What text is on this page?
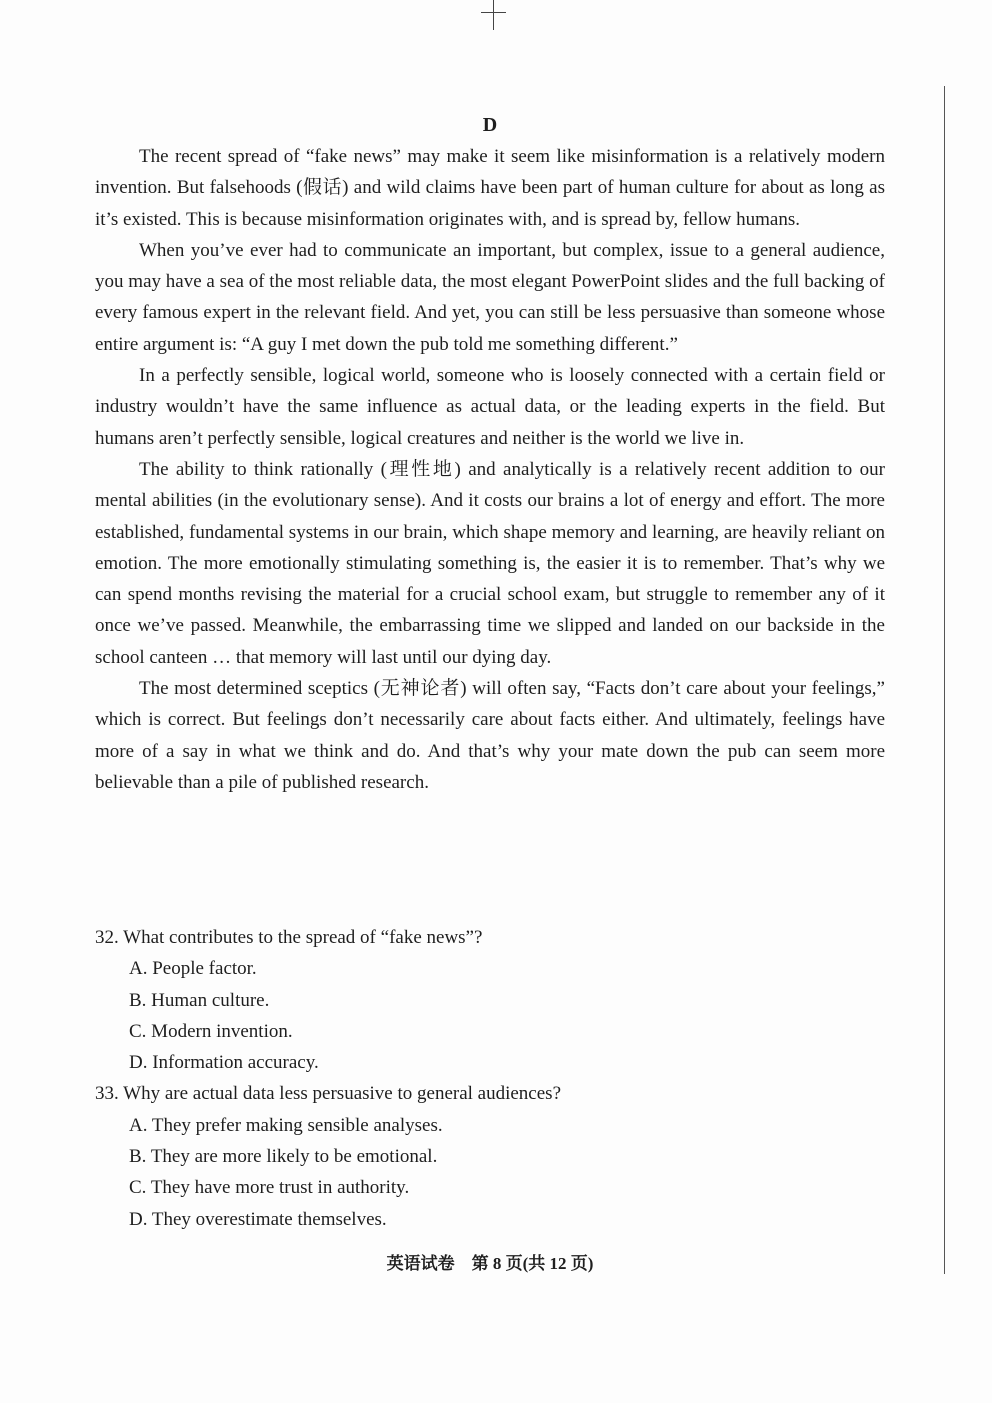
D

The recent spread of “fake news” may make it seem like misinformation is a relatively modern invention. But falsehoods (假话) and wild claims have been part of human culture for about as long as it’s existed. This is because misinformation originates with, and is spread by, fellow humans.

When you’ve ever had to communicate an important, but complex, issue to a general audience, you may have a sea of the most reliable data, the most elegant PowerPoint slides and the full backing of every famous expert in the relevant field. And yet, you can still be less persuasive than someone whose entire argument is: “A guy I met down the pub told me something different.”

In a perfectly sensible, logical world, someone who is loosely connected with a certain field or industry wouldn’t have the same influence as actual data, or the leading experts in the field. But humans aren’t perfectly sensible, logical creatures and neither is the world we live in.

The ability to think rationally (理性地) and analytically is a relatively recent addition to our mental abilities (in the evolutionary sense). And it costs our brains a lot of energy and effort. The more established, fundamental systems in our brain, which shape memory and learning, are heavily reliant on emotion. The more emotionally stimulating something is, the easier it is to remember. That’s why we can spend months revising the material for a crucial school exam, but struggle to remember any of it once we’ve passed. Meanwhile, the embarrassing time we slipped and landed on our backside in the school canteen … that memory will last until our dying day.

The most determined sceptics (无神论者) will often say, “Facts don’t care about your feelings,” which is correct. But feelings don’t necessarily care about facts either. And ultimately, feelings have more of a say in what we think and do. And that’s why your mate down the pub can seem more believable than a pile of published research.

32. What contributes to the spread of “fake news”?

A. People factor.
B. Human culture.
C. Modern invention.
D. Information accuracy.

33. Why are actual data less persuasive to general audiences?

A. They prefer making sensible analyses.
B. They are more likely to be emotional.
C. They have more trust in authority.
D. They overestimate themselves.
英语试卷　第 8 页(共 12 页)
